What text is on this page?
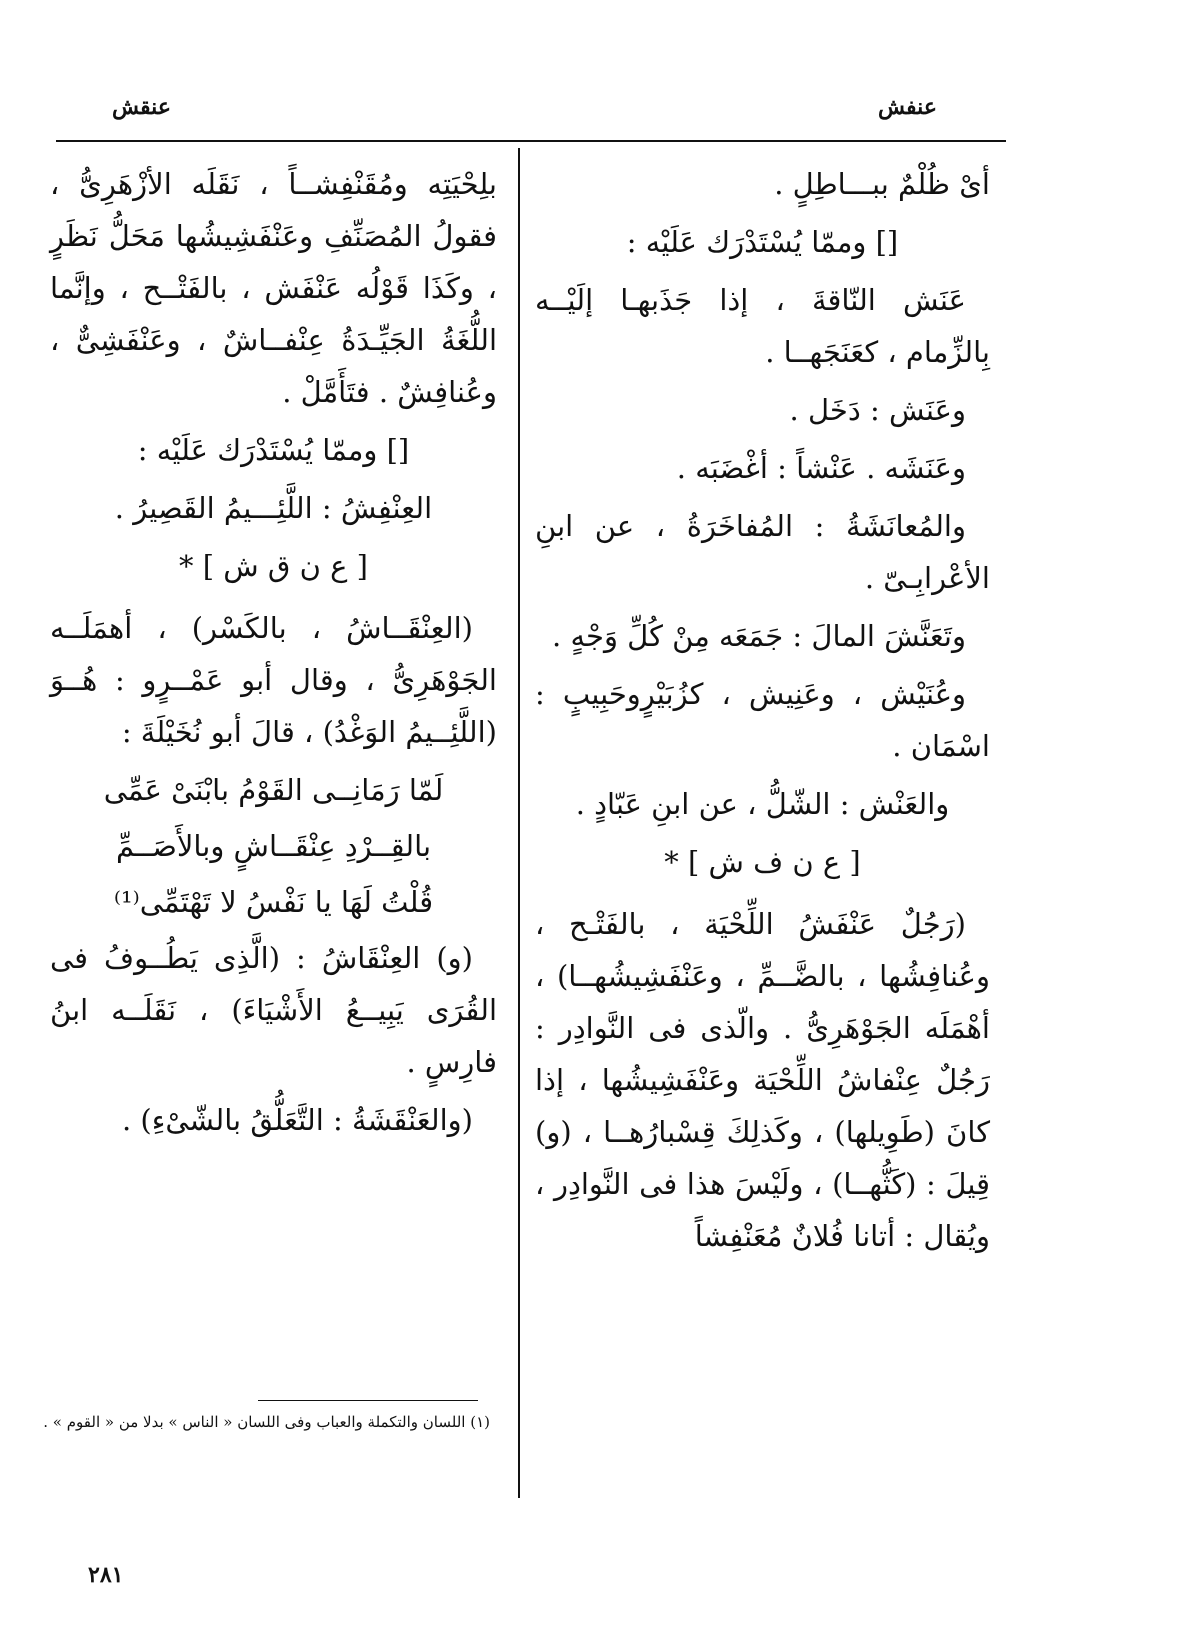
عنفش
عنقش

أىْ ظُلْمٌ ببـــاطِلٍ .

[] وممّا يُسْتَدْرَك عَلَيْه :

عَنَش النّاقةَ ، إذا جَذَبهـا إلَيْــه بِالزِّمام ، كعَنَجَهــا .

وعَنَش : دَخَل .

وعَنَشَه . عَنْشاً : أغْضَبَه .

والمُعانَشَةُ : المُفاخَرَةُ ، عن ابنِ الأعْرابِـىّ .

وتَعَنَّشَ المالَ : جَمَعَه مِنْ كُلِّ وَجْهٍ .

وعُنَيْش ، وعَنِيش ، كزُبَيْرٍوحَبِيبٍ : اسْمَان .

والعَنْش : الشّلُّ ، عن ابنِ عَبّادٍ .

[ ع ن ف ش ] *

(رَجُلٌ عَنْفَشُ اللِّحْيَة ، بالفَتْـح ، وعُنافِشُها ، بالضَّــمِّ ، وعَنْفَشِيشُهــا) ، أهْمَلَه الجَوْهَرِىُّ . والّذى فى النَّوادِر : رَجُلٌ عِنْفاشُ اللِّحْيَة وعَنْفَشِيشُها ، إذا كانَ (طَوِيلها) ، وكَذلِكَ قِسْبارُهــا ، (و) قِيلَ : (كَثُّهــا) ، ولَيْسَ هذا فى النَّوادِر ، ويُقال : أتانا فُلانٌ مُعَنْفِشاً

بلِحْيَتِه ومُقَنْفِشــاً ، نَقَلَه الأزْهَرِىُّ ، فقولُ المُصَنِّفِ وعَنْفَشِيشُها مَحَلُّ نَظَرٍ ، وكَذَا قَوْلُه عَنْفَش ، بالفَتْــح ، وإنَّما اللُّغَةُ الجَيِّـدَةُ عِنْفــاشٌ ، وعَنْفَشِىٌّ ، وعُنافِشٌ . فتَأَمَّلْ .

[] وممّا يُسْتَدْرَك عَلَيْه :

العِنْفِشُ : اللَّئِـــيمُ القَصِيرُ .

[ ع ن ق ش ] *

(العِنْقَــاشُ ، بالكَسْر) ، أهمَلَــه الجَوْهَرِىُّ ، وقال أبو عَمْــرٍو : هُــوَ (اللَّئِــيمُ الوَغْدُ) ، قالَ أبو نُخَيْلَةَ :

لَمّا رَمَانِــى القَوْمُ بابْنَىْ عَمِّى

بالقِــرْدِ عِنْقَــاشٍ وبالأَصَــمِّ

قُلْتُ لَهَا يا نَفْسُ لا تَهْتَمِّى⁽¹⁾

(و) العِنْقَاشُ : (الَّذِى يَطُــوفُ فى القُرَى يَبِيــعُ الأَشْيَاءَ) ، نَقَلَــه ابنُ فارِسٍ .

(والعَنْقَشَةُ : التَّعَلُّقُ بالشّىْءِ) .

(١) اللسان والتكملة والعباب وفى اللسان « الناس » بدلا من « القوم » .
٢٨١
